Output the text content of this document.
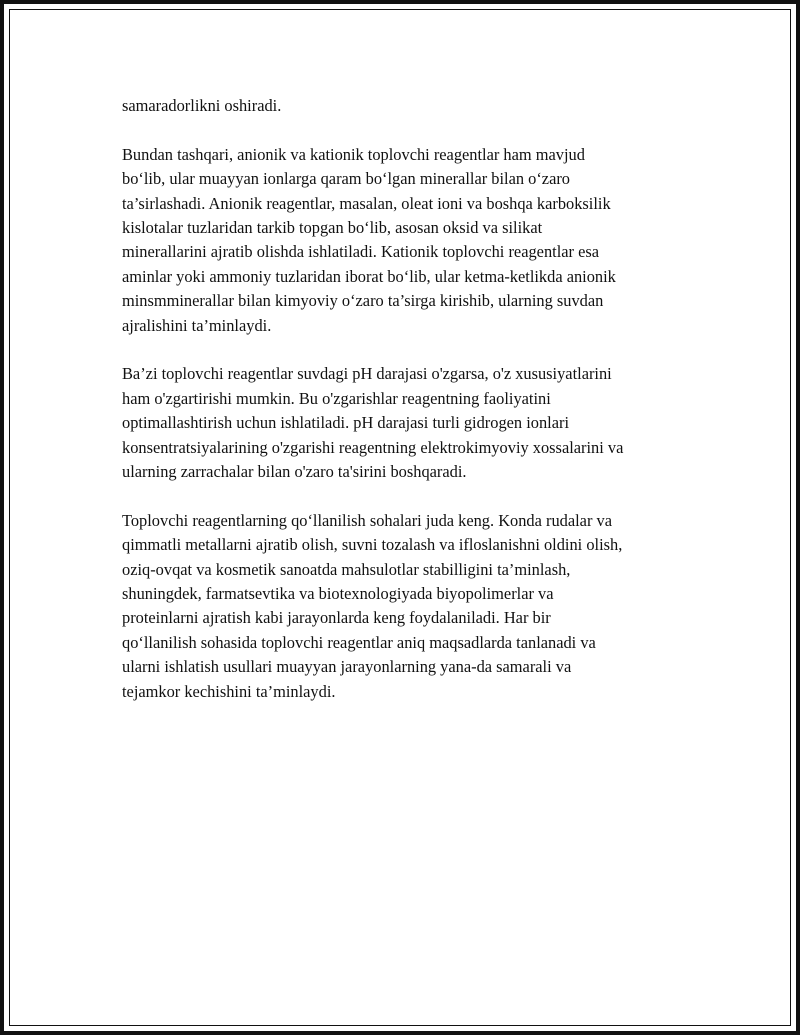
samaradorlikni oshiradi.

Bundan tashqari, anionik va kationik toplovchi reagentlar ham mavjud
bo‘lib, ular muayyan ionlarga qaram bo‘lgan minerallar bilan o‘zaro
ta’sirlashadi. Anionik reagentlar, masalan, oleat ioni va boshqa karboksilik
kislotalar tuzlaridan tarkib topgan bo‘lib, asosan oksid va silikat
minerallarini ajratib olishda ishlatiladi. Kationik toplovchi reagentlar esa
aminlar yoki ammoniy tuzlaridan iborat bo‘lib, ular ketma-ketlikda anionik
minsmminerallar bilan kimyoviy o‘zaro ta’sirga kirishib, ularning suvdan
ajralishini ta’minlaydi.

Ba’zi toplovchi reagentlar suvdagi pH darajasi o'zgarsa, o'z xususiyatlarini
ham o'zgartirishi mumkin. Bu o'zgarishlar reagentning faoliyatini
optimallashtirish uchun ishlatiladi. pH darajasi turli gidrogen ionlari
konsentratsiyalarining o'zgarishi reagentning elektrokimyoviy xossalarini va
ularning zarrachalar bilan o'zaro ta'sirini boshqaradi.

Toplovchi reagentlarning qo‘llanilish sohalari juda keng. Konda rudalar va
qimmatli metallarni ajratib olish, suvni tozalash va ifloslanishni oldini olish,
oziq-ovqat va kosmetik sanoatda mahsulotlar stabilligini ta’minlash,
shuningdek, farmatsevtika va biotexnologiyada biyopolimerlar va
proteinlarni ajratish kabi jarayonlarda keng foydalaniladi. Har bir
qo‘llanilish sohasida toplovchi reagentlar aniq maqsadlarda tanlanadi va
ularni ishlatish usullari muayyan jarayonlarning yana-da samarali va
tejamkor kechishini ta’minlaydi.
